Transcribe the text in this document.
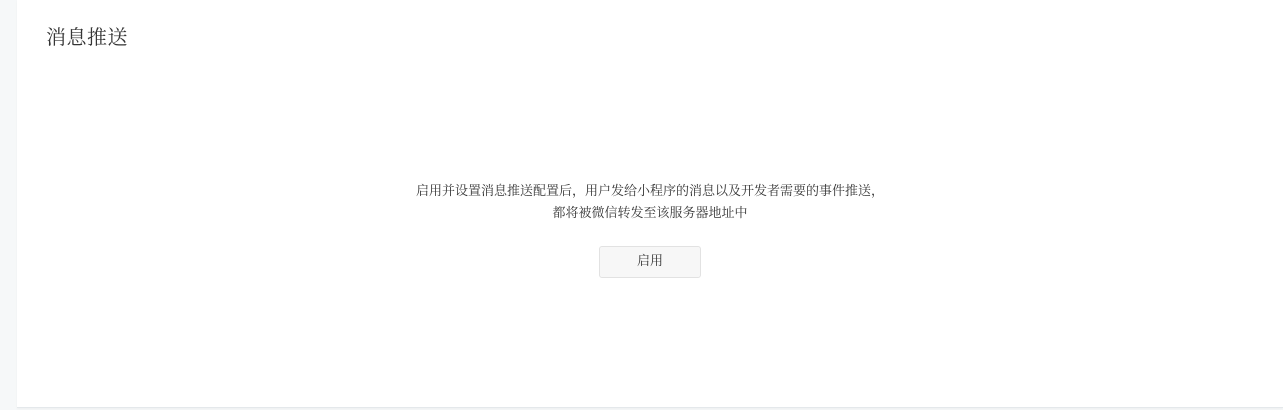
消息推送

启用并设置消息推送配置后，用户发给小程序的消息以及开发者需要的事件推送，都将被微信转发至该服务器地址中

启用
